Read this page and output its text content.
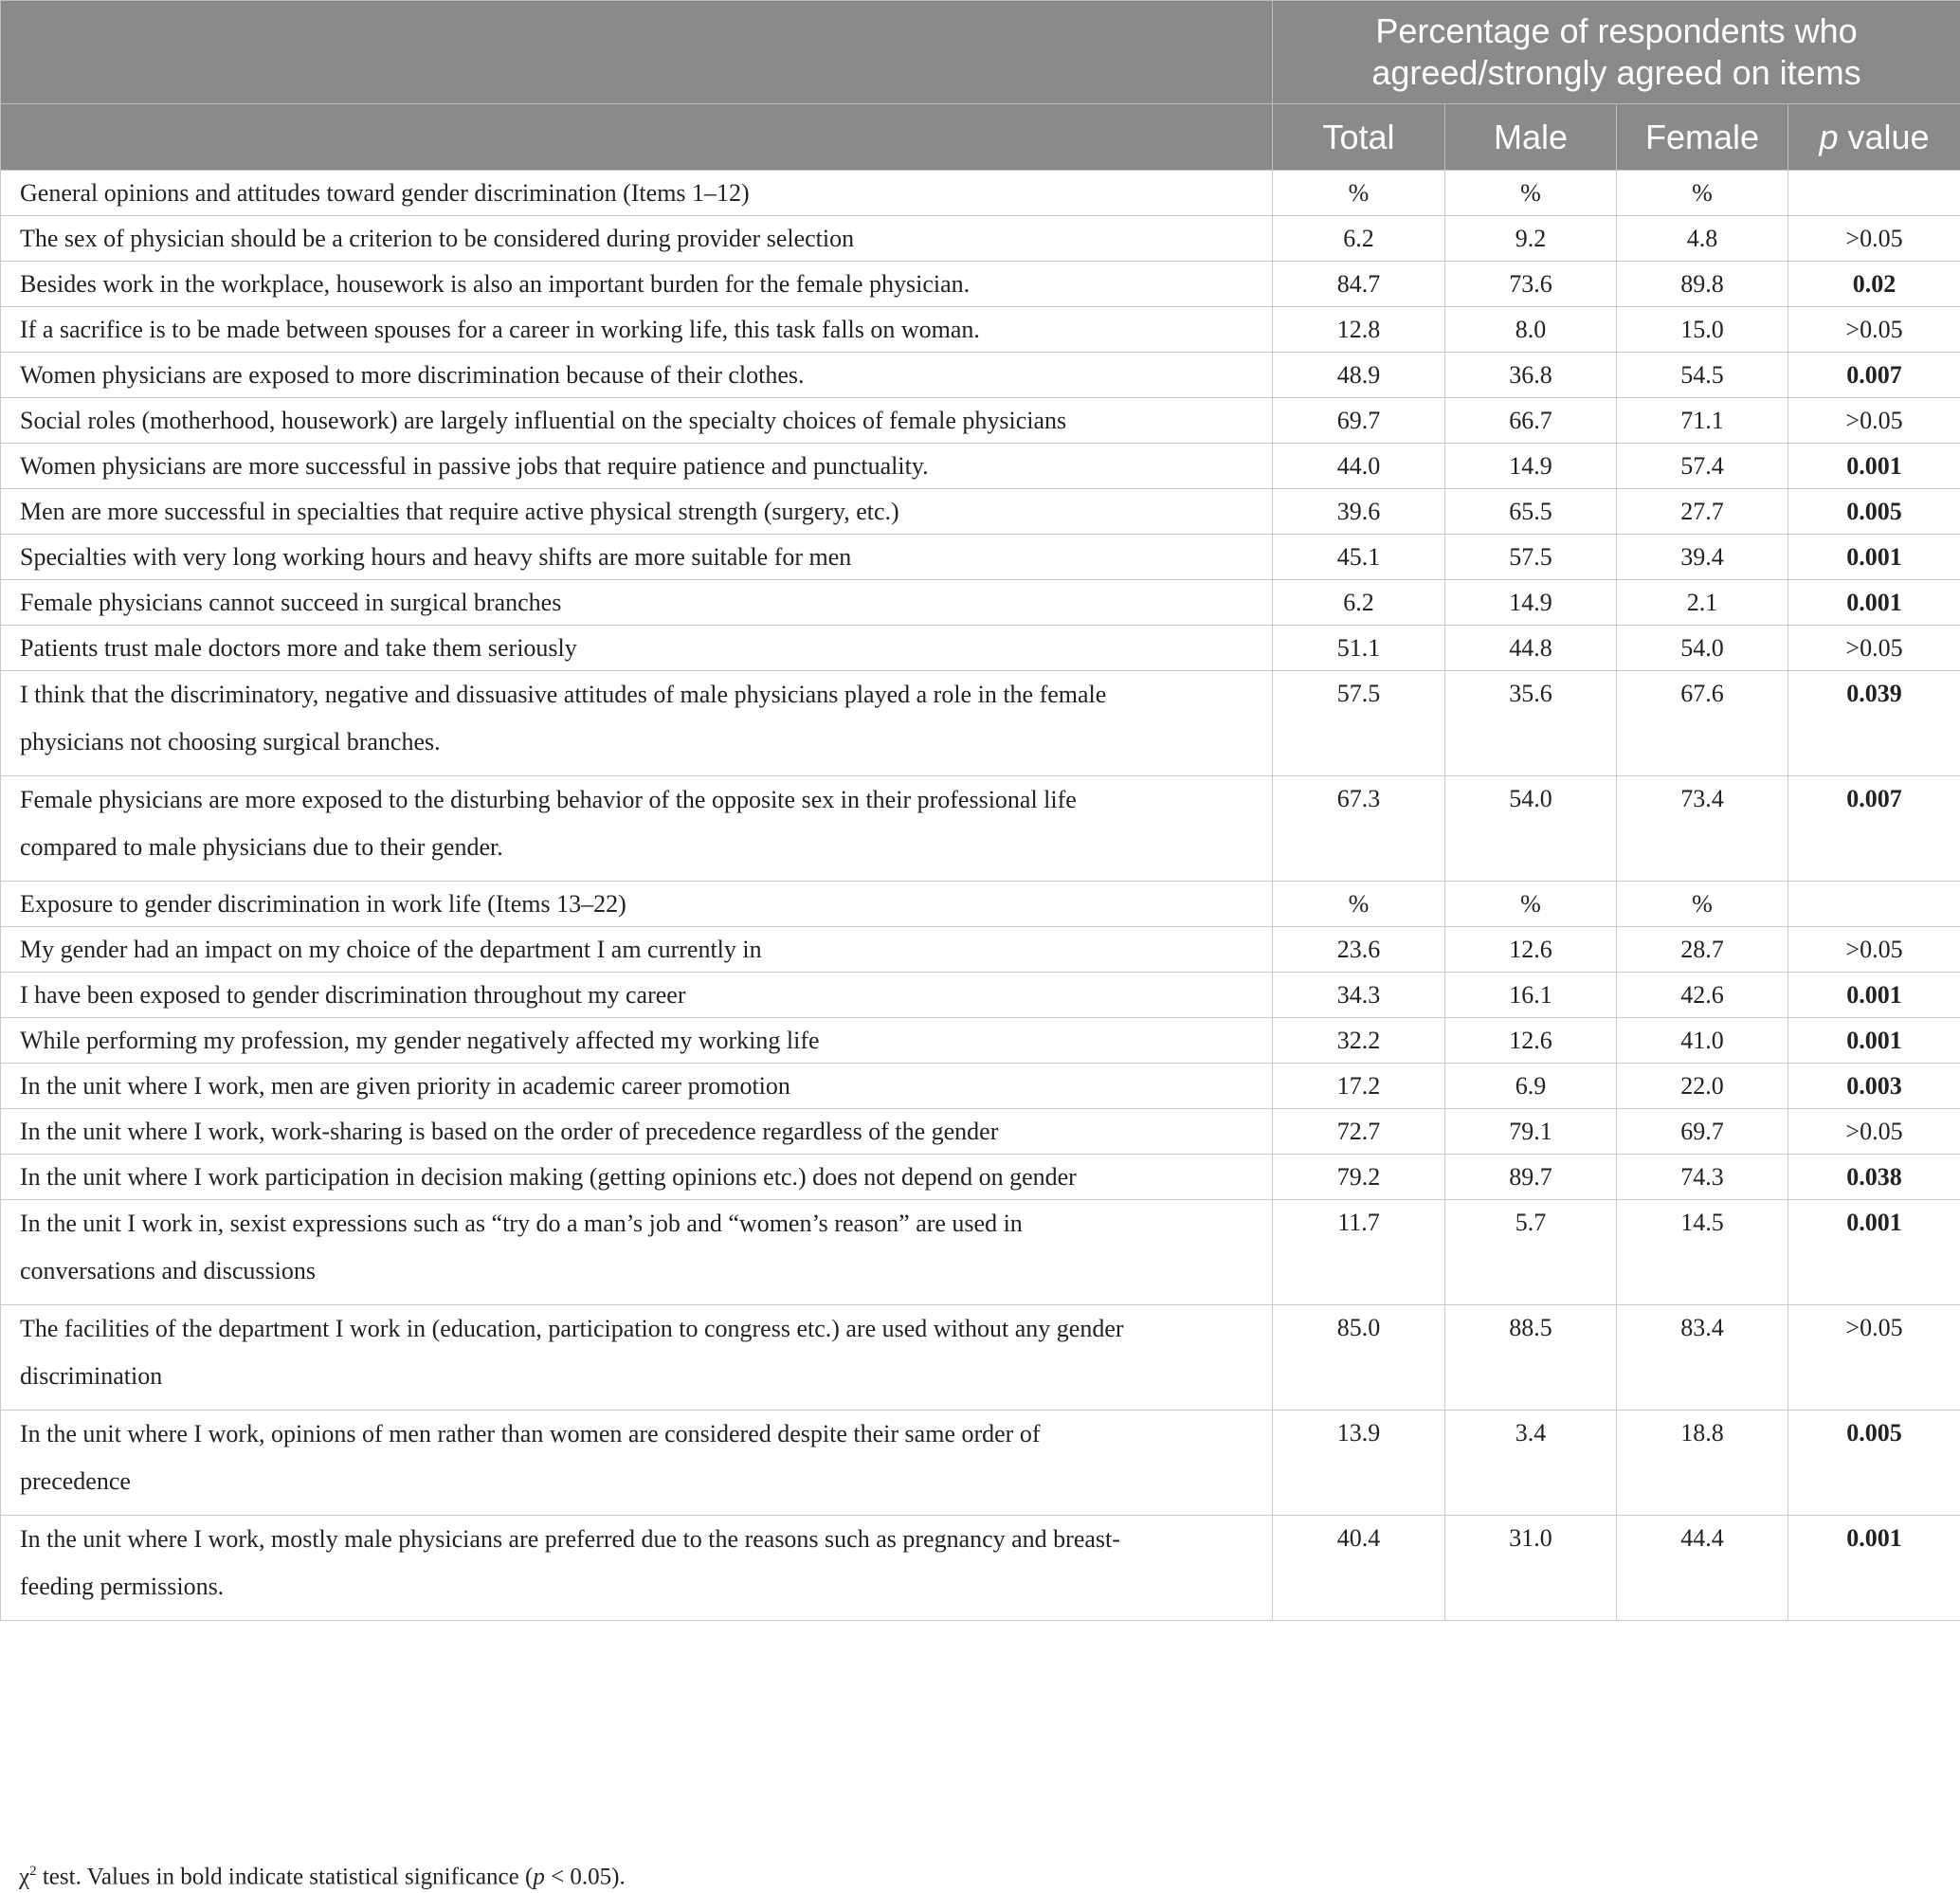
	Percentage of respondents who
agreed/strongly agreed on items			

	Total	Male	Female	p value
General opinions and attitudes toward gender discrimination (Items 1–12)	%	%	%	
The sex of physician should be a criterion to be considered during provider selection	6.2	9.2	4.8	>0.05
Besides work in the workplace, housework is also an important burden for the female physician.	84.7	73.6	89.8	0.02
If a sacrifice is to be made between spouses for a career in working life, this task falls on woman.	12.8	8.0	15.0	>0.05
Women physicians are exposed to more discrimination because of their clothes.	48.9	36.8	54.5	0.007
Social roles (motherhood, housework) are largely influential on the specialty choices of female physicians	69.7	66.7	71.1	>0.05
Women physicians are more successful in passive jobs that require patience and punctuality.	44.0	14.9	57.4	0.001
Men are more successful in specialties that require active physical strength (surgery, etc.)	39.6	65.5	27.7	0.005
Specialties with very long working hours and heavy shifts are more suitable for men	45.1	57.5	39.4	0.001
Female physicians cannot succeed in surgical branches	6.2	14.9	2.1	0.001
Patients trust male doctors more and take them seriously	51.1	44.8	54.0	>0.05

I think that the discriminatory, negative and dissuasive attitudes of male physicians played a role in the female
physicians not choosing surgical branches.	57.5	35.6	67.6	0.039

Female physicians are more exposed to the disturbing behavior of the opposite sex in their professional life
compared to male physicians due to their gender.	67.3	54.0	73.4	0.007
Exposure to gender discrimination in work life (Items 13–22)	%	%	%	
My gender had an impact on my choice of the department I am currently in	23.6	12.6	28.7	>0.05
I have been exposed to gender discrimination throughout my career	34.3	16.1	42.6	0.001
While performing my profession, my gender negatively affected my working life	32.2	12.6	41.0	0.001
In the unit where I work, men are given priority in academic career promotion	17.2	6.9	22.0	0.003
In the unit where I work, work-sharing is based on the order of precedence regardless of the gender	72.7	79.1	69.7	>0.05
In the unit where I work participation in decision making (getting opinions etc.) does not depend on gender	79.2	89.7	74.3	0.038

In the unit I work in, sexist expressions such as “try do a man’s job and “women’s reason” are used in
conversations and discussions	11.7	5.7	14.5	0.001

The facilities of the department I work in (education, participation to congress etc.) are used without any gender
discrimination	85.0	88.5	83.4	>0.05

In the unit where I work, opinions of men rather than women are considered despite their same order of
precedence	13.9	3.4	18.8	0.005

In the unit where I work, mostly male physicians are preferred due to the reasons such as pregnancy and breast-
feeding permissions.	40.4	31.0	44.4	0.001
$\chi^2$ test. Values in bold indicate statistical significance (p < 0.05).
